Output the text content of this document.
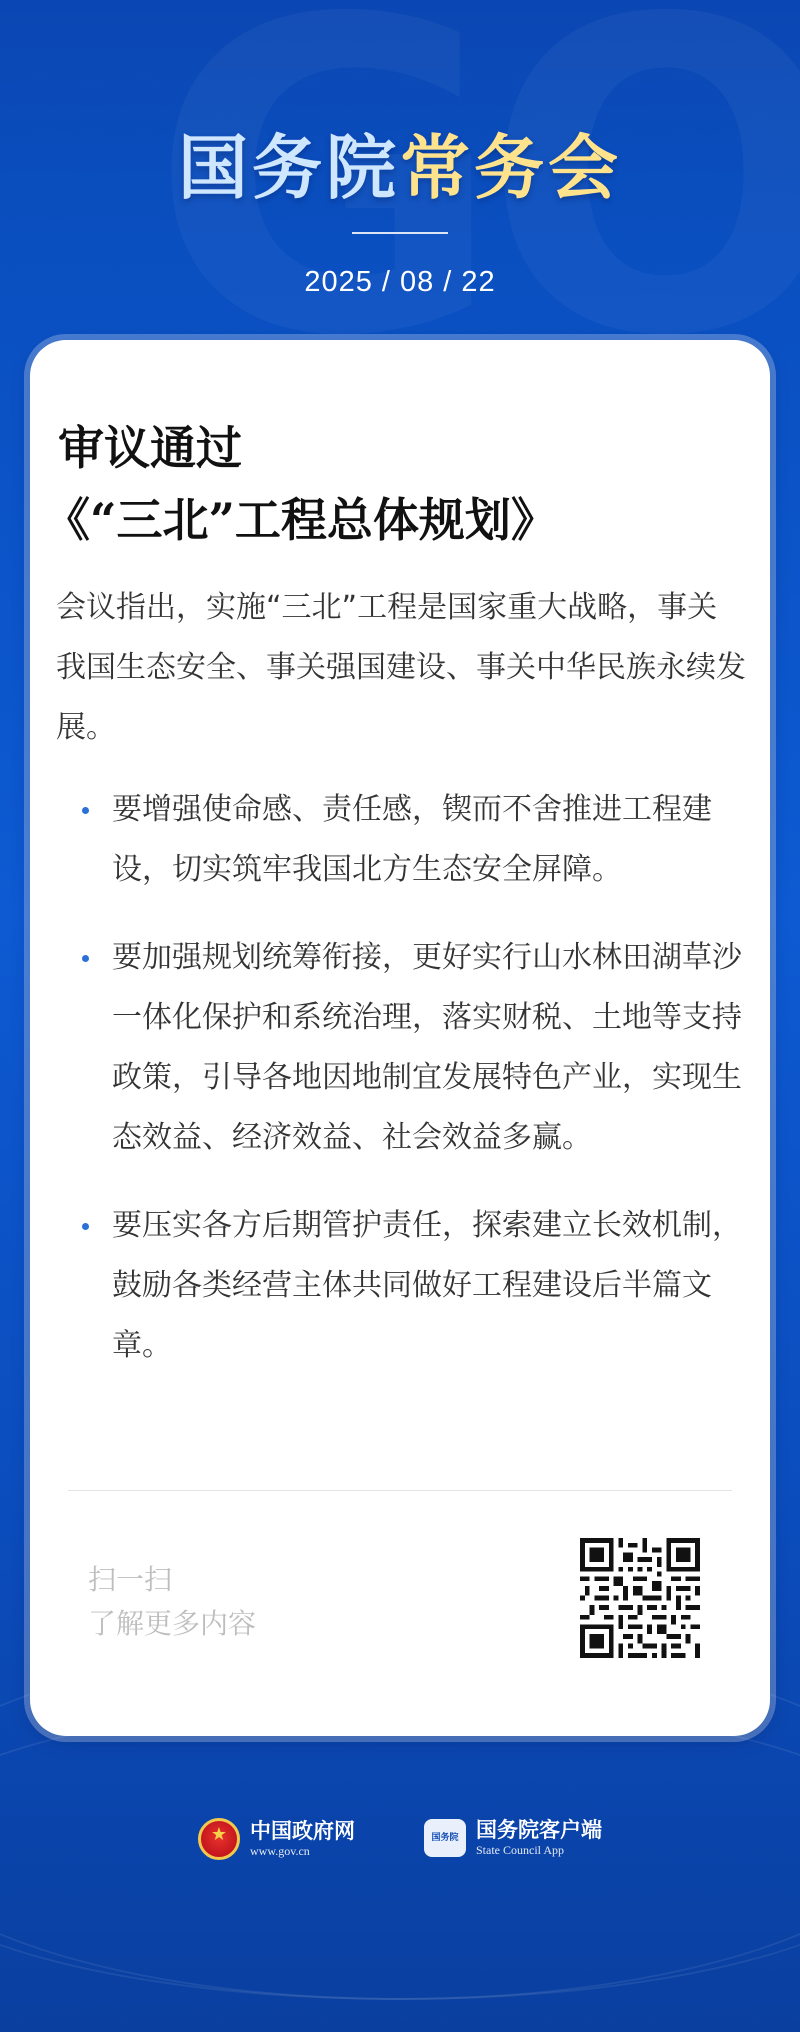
国务院常务会
2025 / 08 / 22
审议通过
《“三北”工程总体规划》

会议指出，实施“三北”工程是国家重大战略，事关我国生态安全、事关强国建设、事关中华民族永续发展。

要增强使命感、责任感，锲而不舍推进工程建设，切实筑牢我国北方生态安全屏障。
要加强规划统筹衔接，更好实行山水林田湖草沙一体化保护和系统治理，落实财税、土地等支持政策，引导各地因地制宜发展特色产业，实现生态效益、经济效益、社会效益多赢。
要压实各方后期管护责任，探索建立长效机制，鼓励各类经营主体共同做好工程建设后半篇文章。
扫一扫
了解更多内容
★
中国政府网
www.gov.cn
国务院 国务院客户端
State Council App
